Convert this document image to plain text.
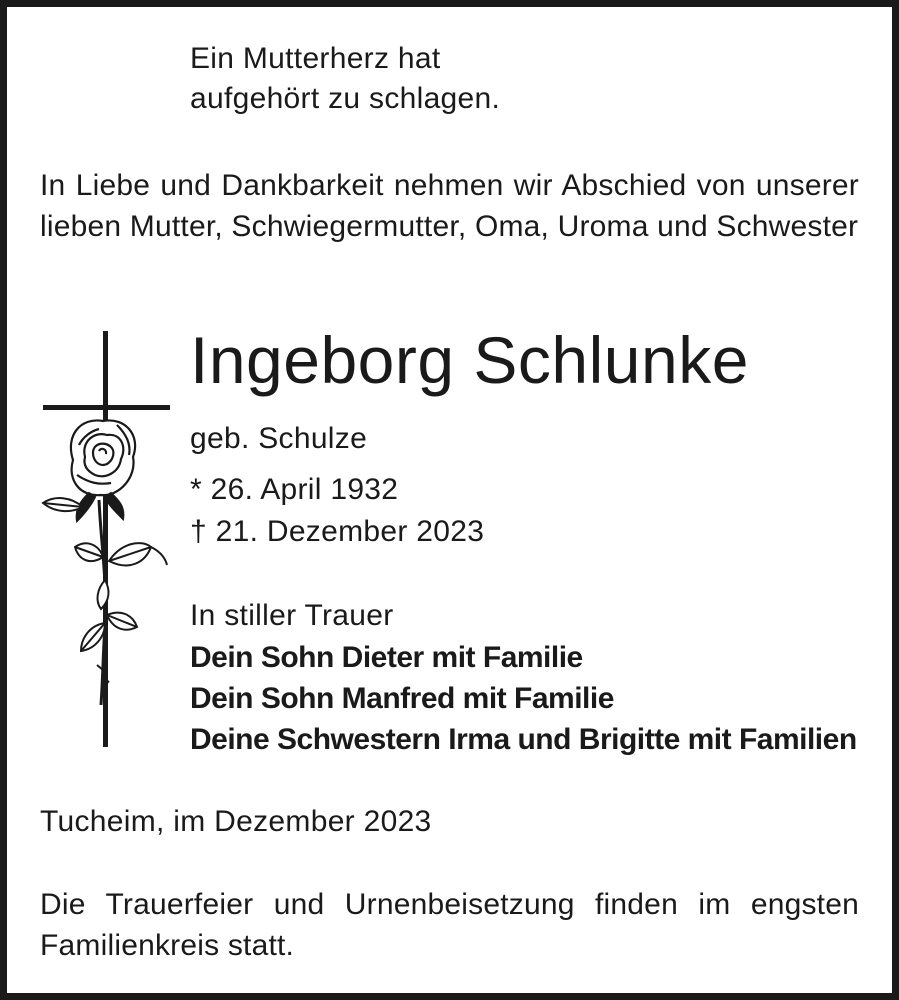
Ein Mutterherz hat
aufgehört zu schlagen.

In Liebe und Dankbarkeit nehmen wir Abschied von unserer lieben Mutter, Schwiegermutter, Oma, Uroma und Schwester

Ingeborg Schlunke
geb. Schulze
* 26. April 1932
† 21. Dezember 2023
In stiller Trauer
Dein Sohn Dieter mit Familie
Dein Sohn Manfred mit Familie
Deine Schwestern Irma und Brigitte mit Familien
Tucheim, im Dezember 2023

Die Trauerfeier und Urnenbeisetzung finden im engsten Familienkreis statt.
